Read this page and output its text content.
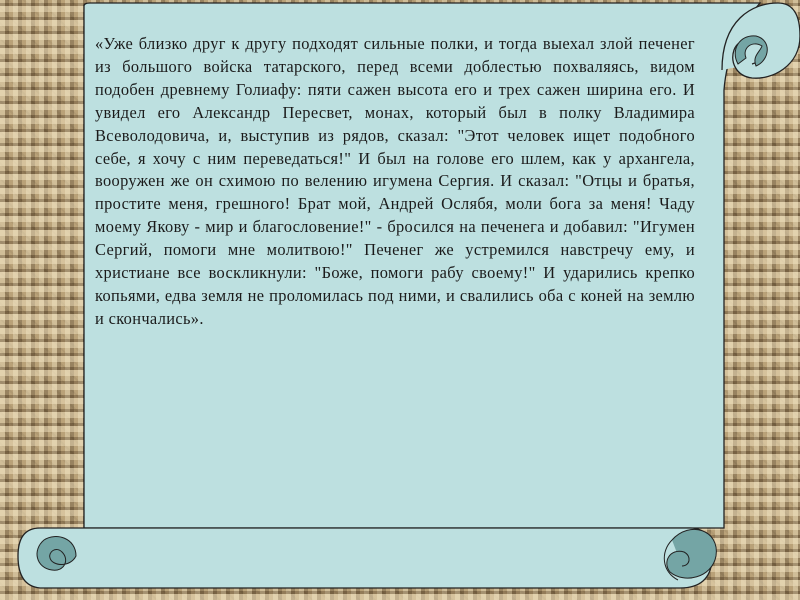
«Уже близко друг к другу подходят сильные полки, и тогда выехал злой печенег из большого войска татарского, перед всеми доблестью похваляясь, видом подобен древнему Голиафу: пяти сажен высота его и трех сажен ширина его. И увидел его Александр Пересвет, монах, который был в полку Владимира Всеволодовича, и, выступив из рядов, сказал: "Этот человек ищет подобного себе, я хочу с ним переведаться!" И был на голове его шлем, как у архангела, вооружен же он схимою по велению игумена Сергия. И сказал: "Отцы и братья, простите меня, грешного! Брат мой, Андрей Ослябя, моли бога за меня! Чаду моему Якову - мир и благословение!" - бросился на печенега и добавил: "Игумен Сергий, помоги мне молитвою!" Печенег же устремился навстречу ему, и христиане все воскликнули: "Боже, помоги рабу своему!" И ударились крепко копьями, едва земля не проломилась под ними, и свалились оба с коней на землю и скончались».
